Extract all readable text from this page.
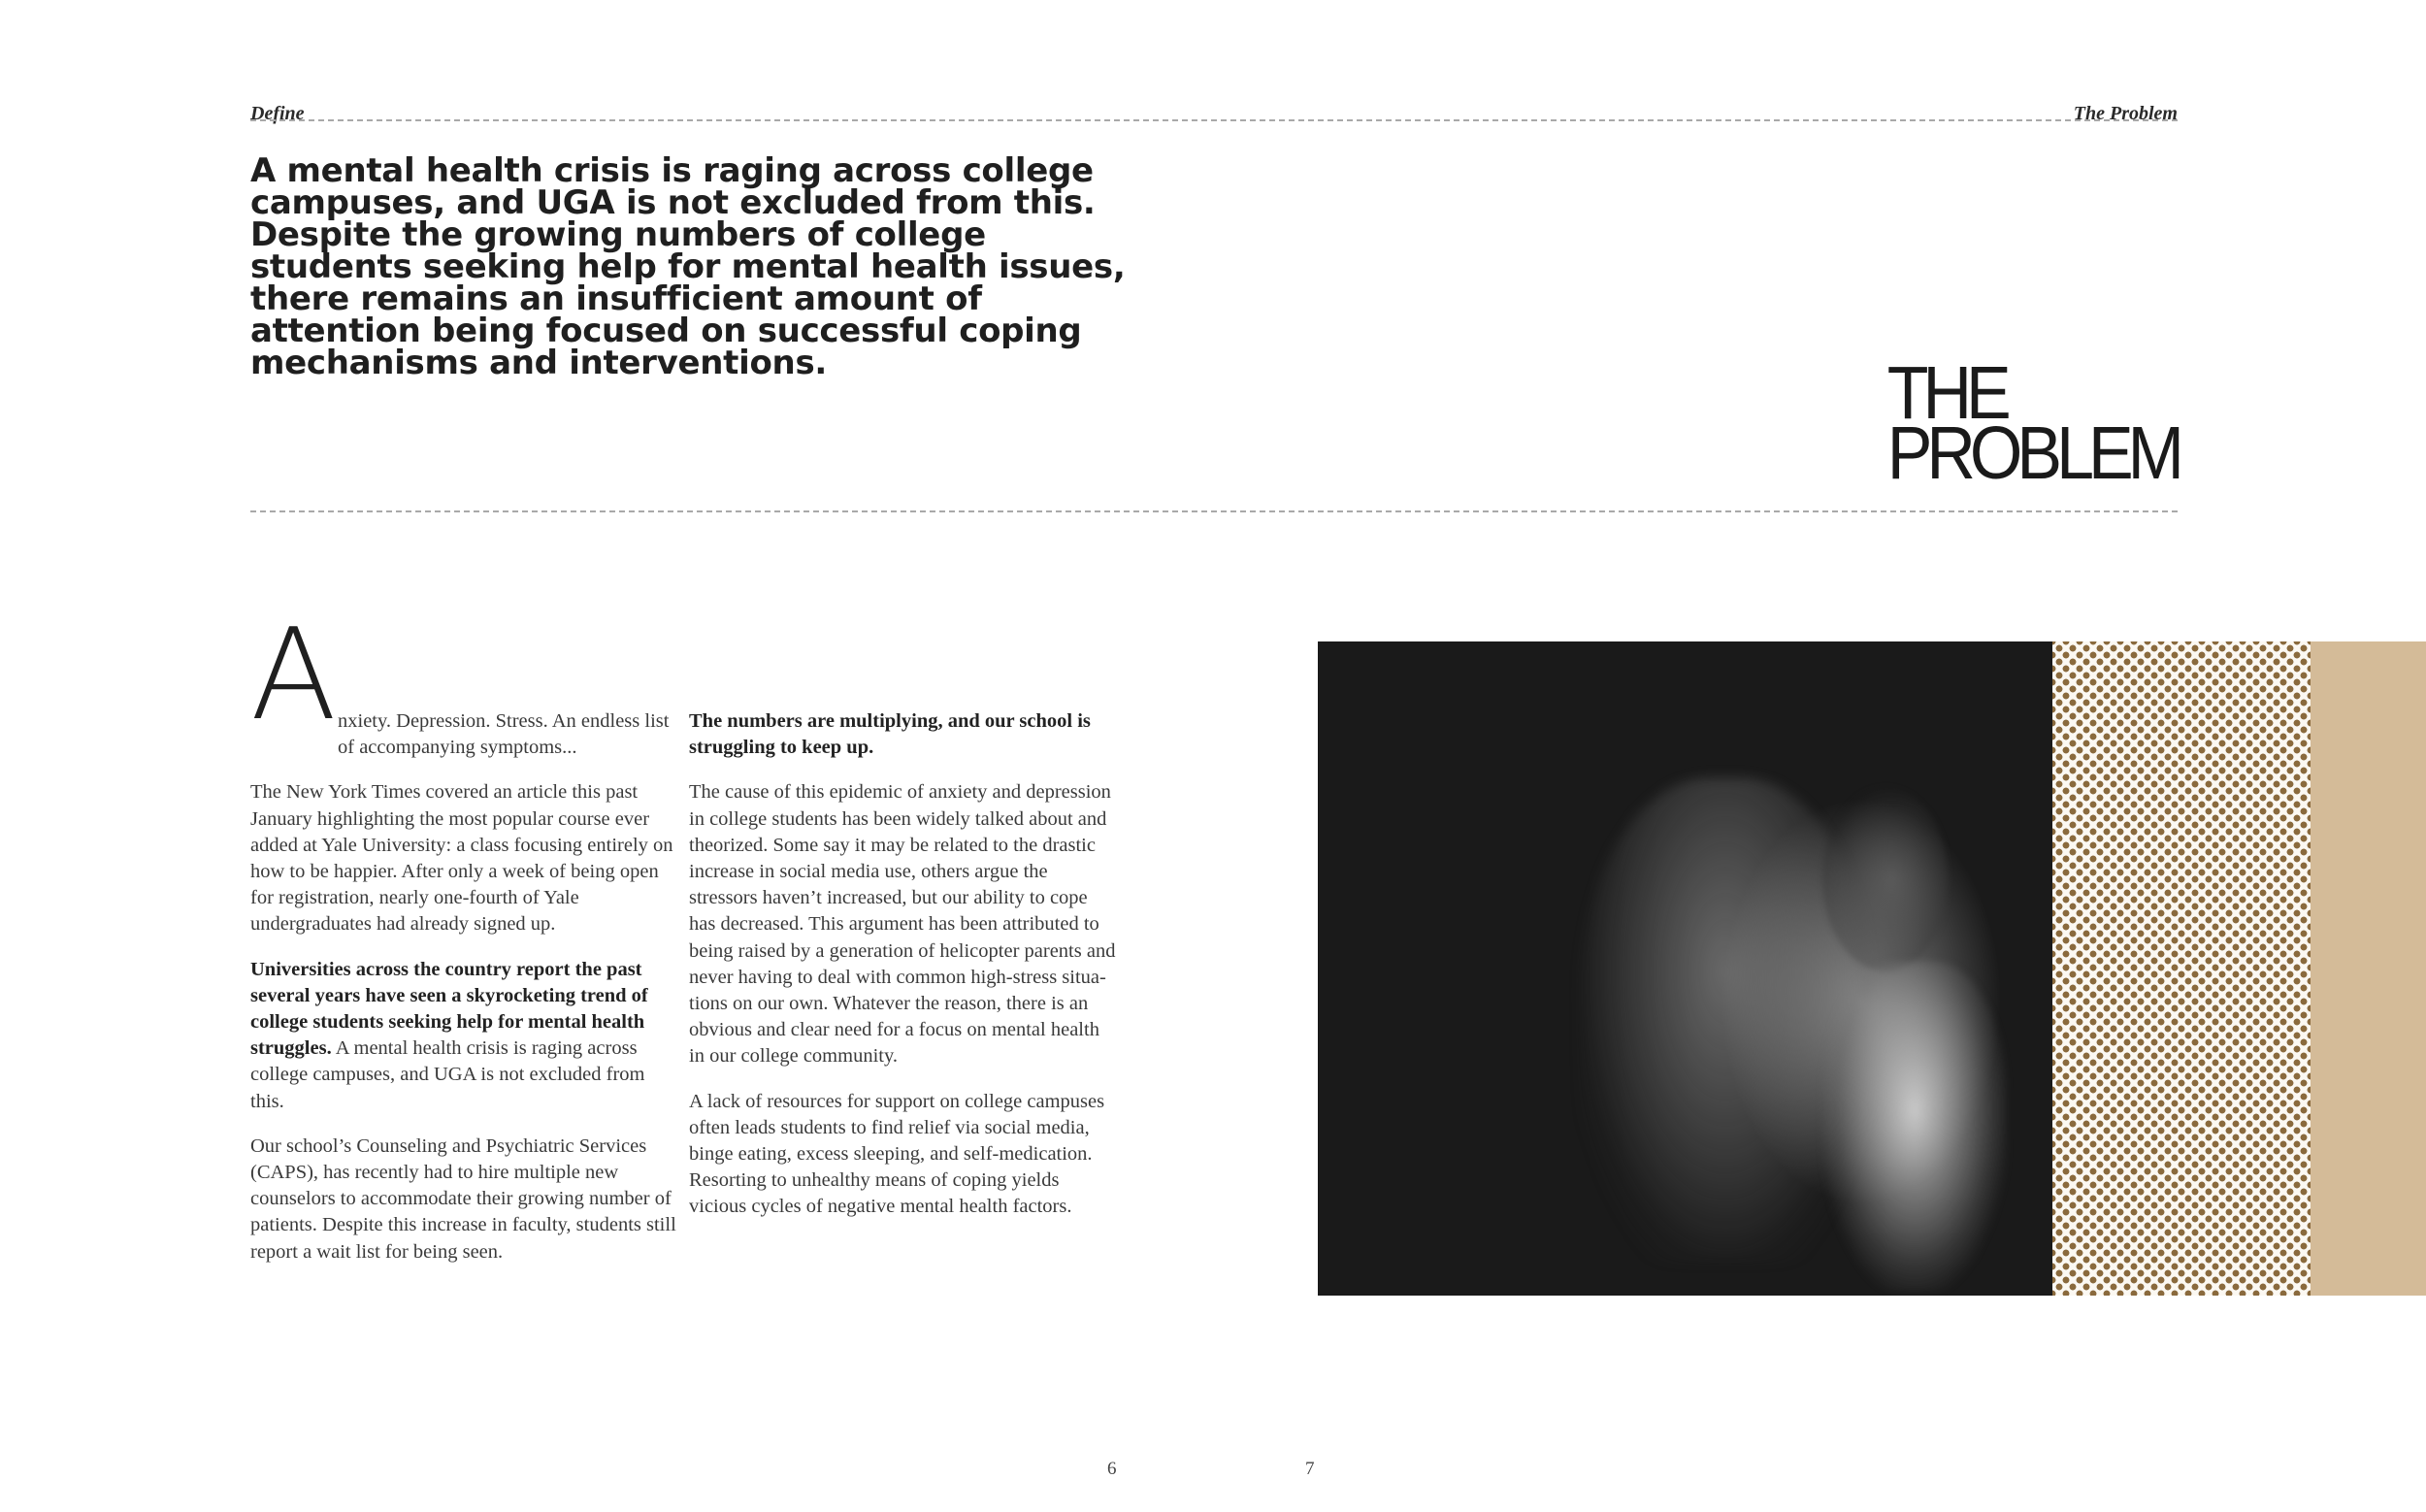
Define	The Problem
A mental health crisis is raging across college campuses, and UGA is not excluded from this. Despite the growing numbers of college students seeking help for mental health issues, there remains an insufficient amount of attention being focused on successful coping mechanisms and interventions.	THE
PROBLEM
A nxiety. Depression. Stress. An endless list of accompanying symptoms...

The New York Times covered an article this past January highlighting the most popular course ever added at Yale University: a class focusing entirely on how to be happier. After only a week of being open for registration, nearly one-fourth of Yale undergraduates had already signed up.

Universities across the country report the past several years have seen a skyrocketing trend of college students seeking help for mental health struggles. A mental health crisis is raging across college campuses, and UGA is not excluded from this.

Our school’s Counseling and Psychiatric Services (CAPS), has recently had to hire multiple new counselors to accommodate their growing number of patients. Despite this increase in faculty, students still report a wait list for being seen.

The numbers are multiplying, and our school is struggling to keep up.

The cause of this epidemic of anxiety and depression in college students has been widely talked about and theorized. Some say it may be related to the drastic increase in social media use, others argue the stressors haven’t increased, but our ability to cope has decreased. This argument has been attributed to being raised by a generation of helicopter parents and never having to deal with common high-stress situations on our own. Whatever the reason, there is an obvious and clear need for a focus on mental health in our college community.

A lack of resources for support on college campuses often leads students to find relief via social media, binge eating, excess sleeping, and self-medication. Resorting to unhealthy means of coping yields vicious cycles of negative mental health factors.

6	7
